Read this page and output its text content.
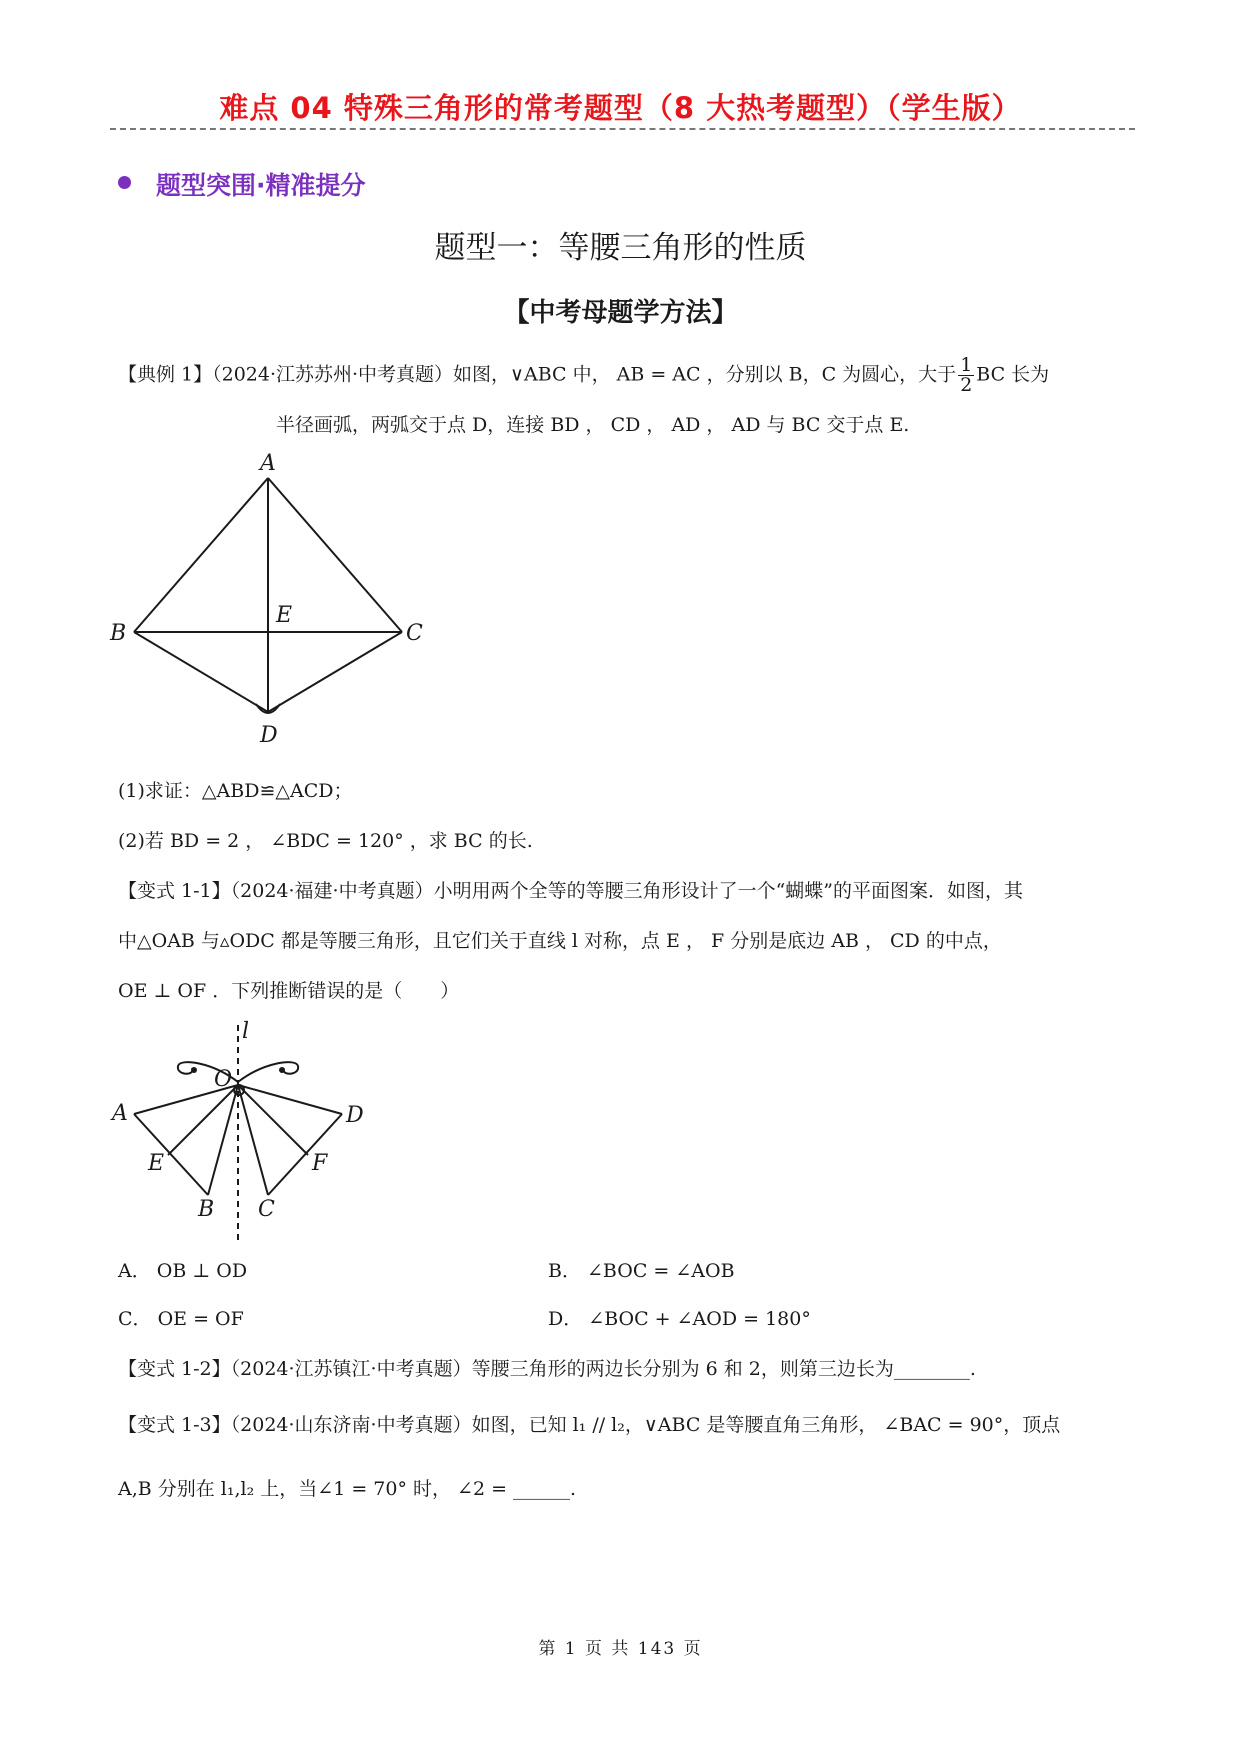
难点 04 特殊三角形的常考题型（8 大热考题型）（学生版）
题型突围·精准提分
题型一：等腰三角形的性质
【中考母题学方法】
【典例 1】（2024·江苏苏州·中考真题）如图，∨ABC 中， AB = AC ，分别以 B，C 为圆心，大于 $\frac{1}{2}$ BC 长为
半径画弧，两弧交于点 D，连接 BD ， CD ， AD ， AD 与 BC 交于点 E.
A
B	C
D
E
(1)求证：△ABD≌△ACD；
(2)若 BD = 2 ， ∠BDC = 120° ，求 BC 的长.
【变式 1-1】（2024·福建·中考真题）小明用两个全等的等腰三角形设计了一个“蝴蝶”的平面图案．如图，其
中△OAB 与▵ODC 都是等腰三角形，且它们关于直线 l 对称，点 E ， F 分别是底边 AB ， CD 的中点，
OE ⊥ OF ．下列推断错误的是（　　）
l
O
A
E
B C
F
D
A． OB ⊥ OD	B． ∠BOC = ∠AOB
C． OE = OF	D． ∠BOC + ∠AOD = 180°
【变式 1-2】（2024·江苏镇江·中考真题）等腰三角形的两边长分别为 6 和 2，则第三边长为________.
【变式 1-3】（2024·山东济南·中考真题）如图，已知 l₁ // l₂，∨ABC 是等腰直角三角形， ∠BAC = 90°，顶点
A,B 分别在 l₁,l₂ 上，当∠1 = 70° 时， ∠2 = ______.
第 1 页 共 143 页
